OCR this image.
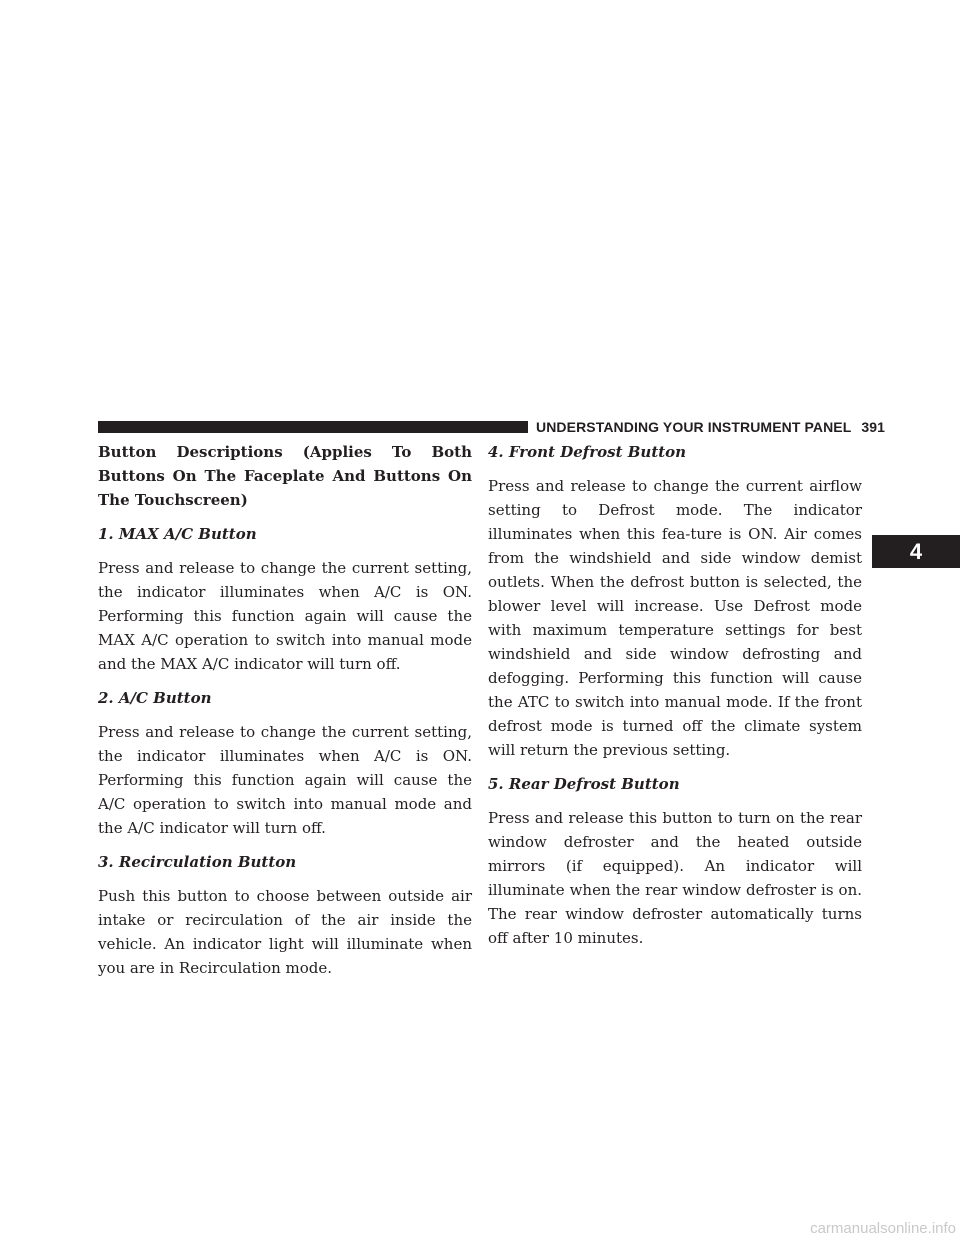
UNDERSTANDING YOUR INSTRUMENT PANEL 391
4
Button Descriptions (Applies To Both Buttons On The Faceplate And Buttons On The Touchscreen)
1. MAX A/C Button

Press and release to change the current setting, the indicator illuminates when A/C is ON. Performing this function again will cause the MAX A/C operation to switch into manual mode and the MAX A/C indicator will turn off.

2. A/C Button

Press and release to change the current setting, the indicator illuminates when A/C is ON. Performing this function again will cause the A/C operation to switch into manual mode and the A/C indicator will turn off.

3. Recirculation Button

Push this button to choose between outside air intake or recirculation of the air inside the vehicle. An indicator light will illuminate when you are in Recirculation mode.

4. Front Defrost Button

Press and release to change the current airflow setting to Defrost mode. The indicator illuminates when this fea-ture is ON. Air comes from the windshield and side window demist outlets. When the defrost button is selected, the blower level will increase. Use Defrost mode with maximum temperature settings for best windshield and side window defrosting and defogging. Performing this function will cause the ATC to switch into manual mode. If the front defrost mode is turned off the climate system will return the previous setting.

5. Rear Defrost Button

Press and release this button to turn on the rear window defroster and the heated outside mirrors (if equipped). An indicator will illuminate when the rear window defroster is on. The rear window defroster automatically turns off after 10 minutes.

carmanualsonline.info
